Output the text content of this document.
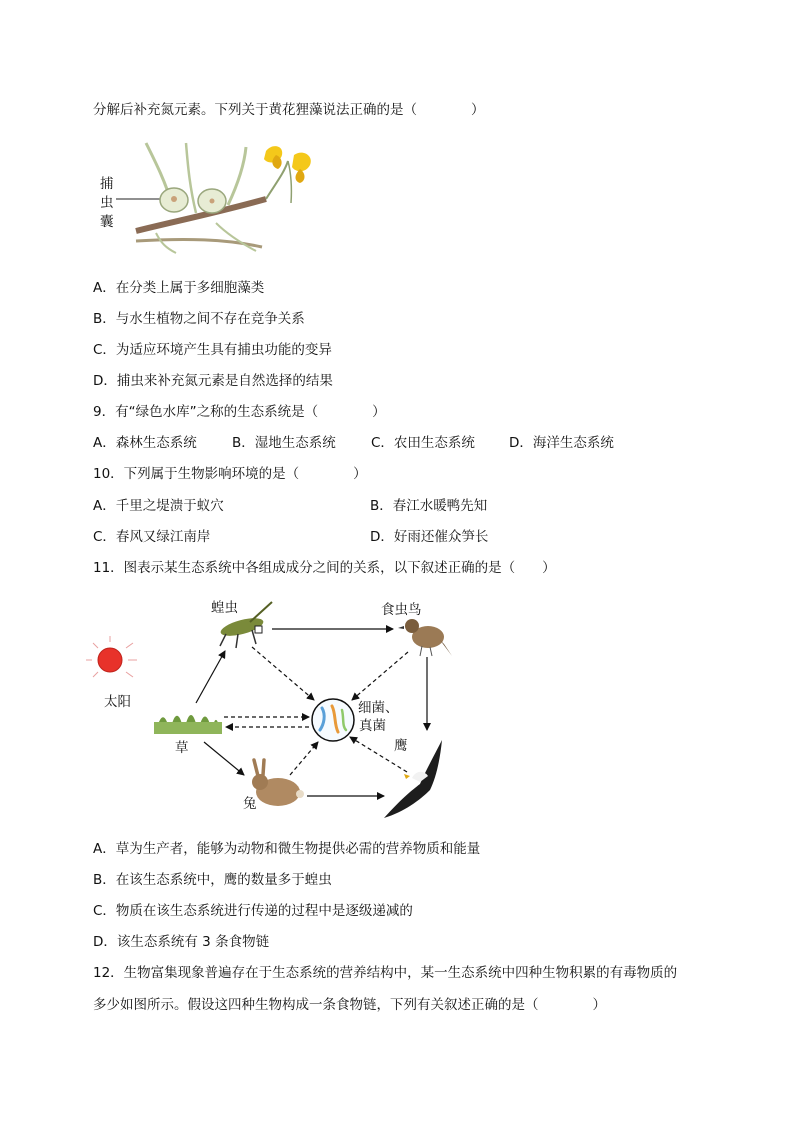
分解后补充氮元素。下列关于黄花狸藻说法正确的是（　　　　）
捕
虫
囊
A．在分类上属于多细胞藻类
B．与水生植物之间不存在竞争关系
C．为适应环境产生具有捕虫功能的变异
D．捕虫来补充氮元素是自然选择的结果
9．有“绿色水库”之称的生态系统是（　　　　）
A．森林生态系统	B．湿地生态系统	C．农田生态系统	D．海洋生态系统
10．下列属于生物影响环境的是（　　　　）
A．千里之堤溃于蚁穴	B．春江水暖鸭先知
C．春风又绿江南岸	D．好雨还催众笋长
11．图表示某生态系统中各组成成分之间的关系，以下叙述正确的是（　　）
蝗虫	食虫鸟
太阳	细菌、
真菌
草	鹰
兔
A．草为生产者，能够为动物和微生物提供必需的营养物质和能量
B．在该生态系统中，鹰的数量多于蝗虫
C．物质在该生态系统进行传递的过程中是逐级递减的
D．该生态系统有 3 条食物链
12．生物富集现象普遍存在于生态系统的营养结构中，某一生态系统中四种生物积累的有毒物质的
多少如图所示。假设这四种生物构成一条食物链，下列有关叙述正确的是（　　　　）
